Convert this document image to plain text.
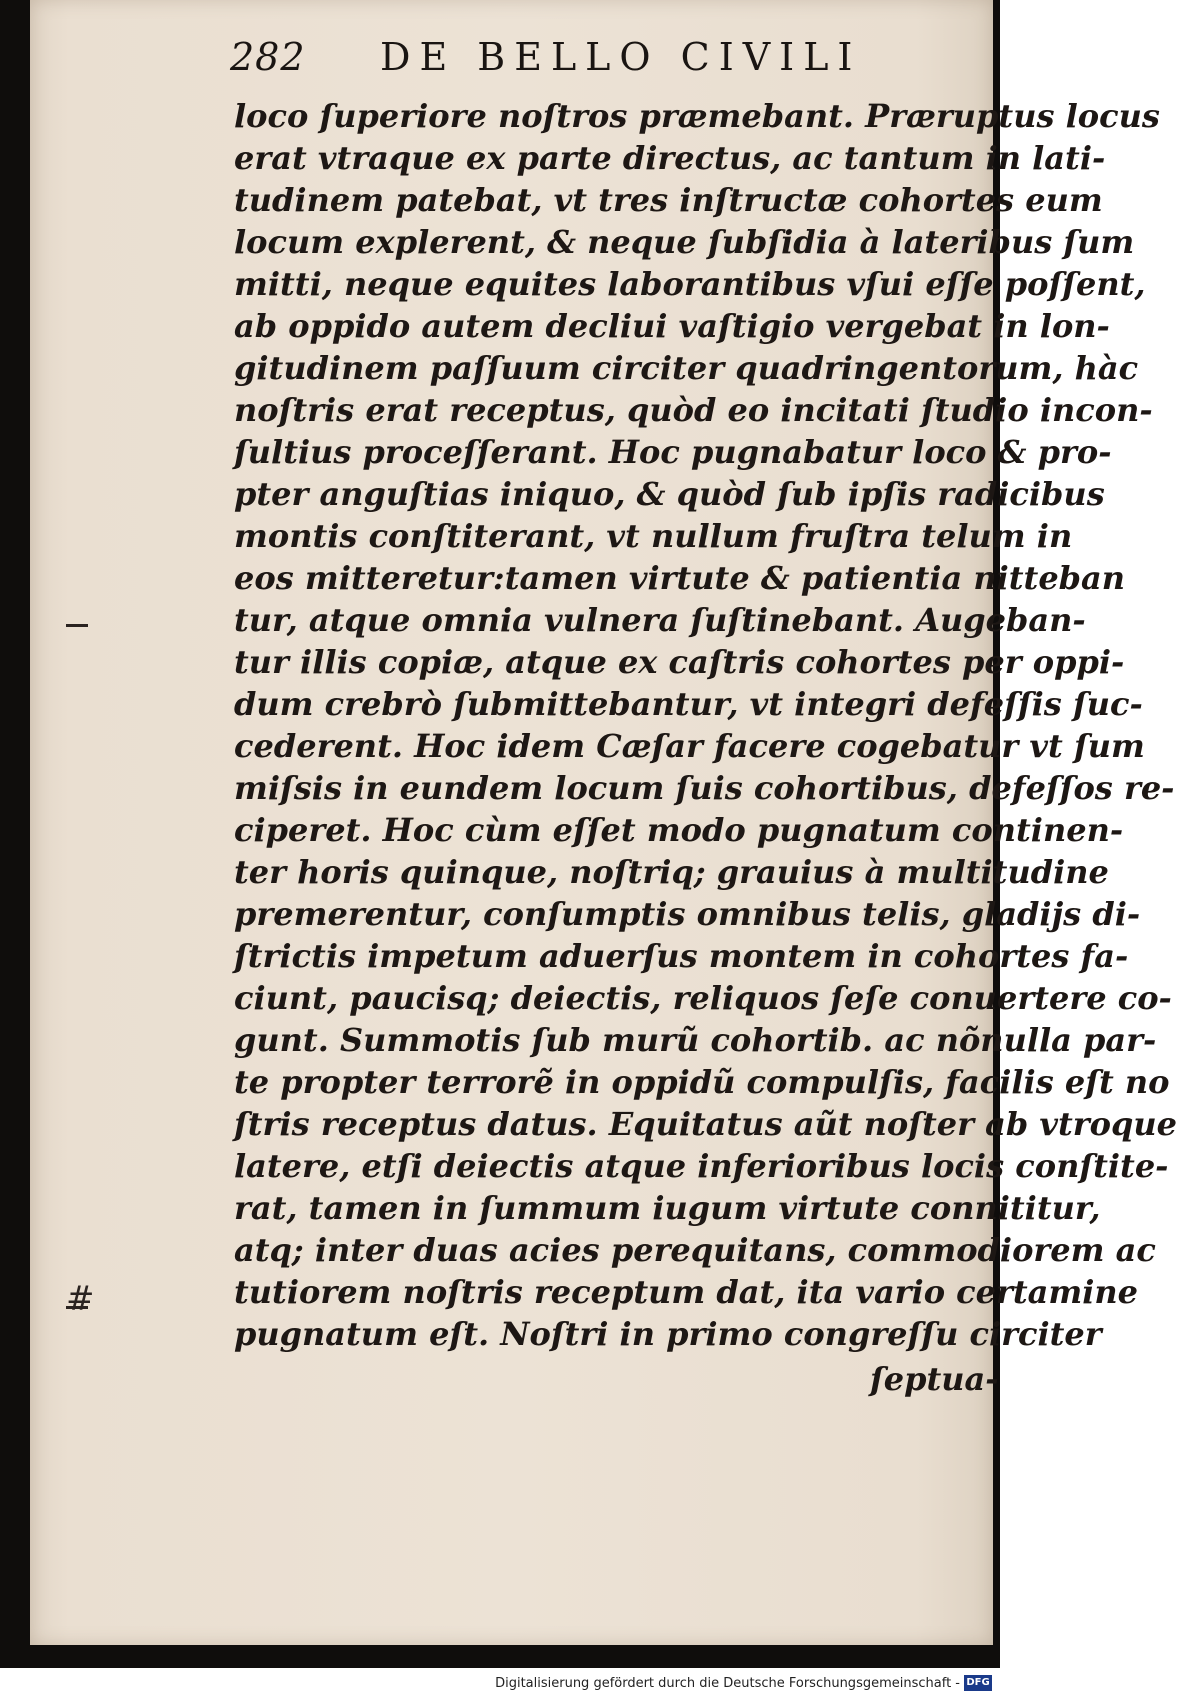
282 DE BELLO CIVILI
loco ſuperiore noſtros præmebant. Præruptus locus
erat vtraque ex parte directus, ac tantum in lati-
tudinem patebat, vt tres inſtructæ cohortes eum
locum explerent, & neque ſubſidia à lateribus ſum
mitti, neque equites laborantibus vſui eſſe poſſent,
ab oppido autem decliui vaſtigio vergebat in lon-
gitudinem paſſuum circiter quadringentorum, hàc
noſtris erat receptus, quòd eo incitati ſtudio incon-
ſultius proceſſerant. Hoc pugnabatur loco & pro-
pter anguſtias iniquo, & quòd ſub ipſis radicibus
montis conſtiterant, vt nullum fruſtra telum in
eos mitteretur:tamen virtute & patientia nitteban
tur, atque omnia vulnera ſuſtinebant. Augeban-
tur illis copiæ, atque ex caſtris cohortes per oppi-
dum crebrò ſubmittebantur, vt integri defeſſis ſuc-
cederent. Hoc idem Cæſar facere cogebatur vt ſum
miſsis in eundem locum ſuis cohortibus, defeſſos re-
ciperet. Hoc cùm eſſet modo pugnatum continen-
ter horis quinque, noſtriq; grauius à multitudine
premerentur, conſumptis omnibus telis, gladijs di-
ſtrictis impetum aduerſus montem in cohortes fa-
ciunt, paucisq; deiectis, reliquos ſeſe conuertere co-
gunt. Summotis ſub murũ cohortib. ac nõnulla par-
te propter terrorẽ in oppidũ compulſis, facilis eſt no
ſtris receptus datus. Equitatus aũt noſter ab vtroque
latere, etſi deiectis atque inferioribus locis conſtite-
rat, tamen in ſummum iugum virtute connititur,
atq; inter duas acies perequitans, commodiorem ac
tutiorem noſtris receptum dat, ita vario certamine
pugnatum eſt. Noſtri in primo congreſſu circiter
ſeptua-
#
Digitalisierung gefördert durch die Deutsche Forschungsgemeinschaft - DFG
